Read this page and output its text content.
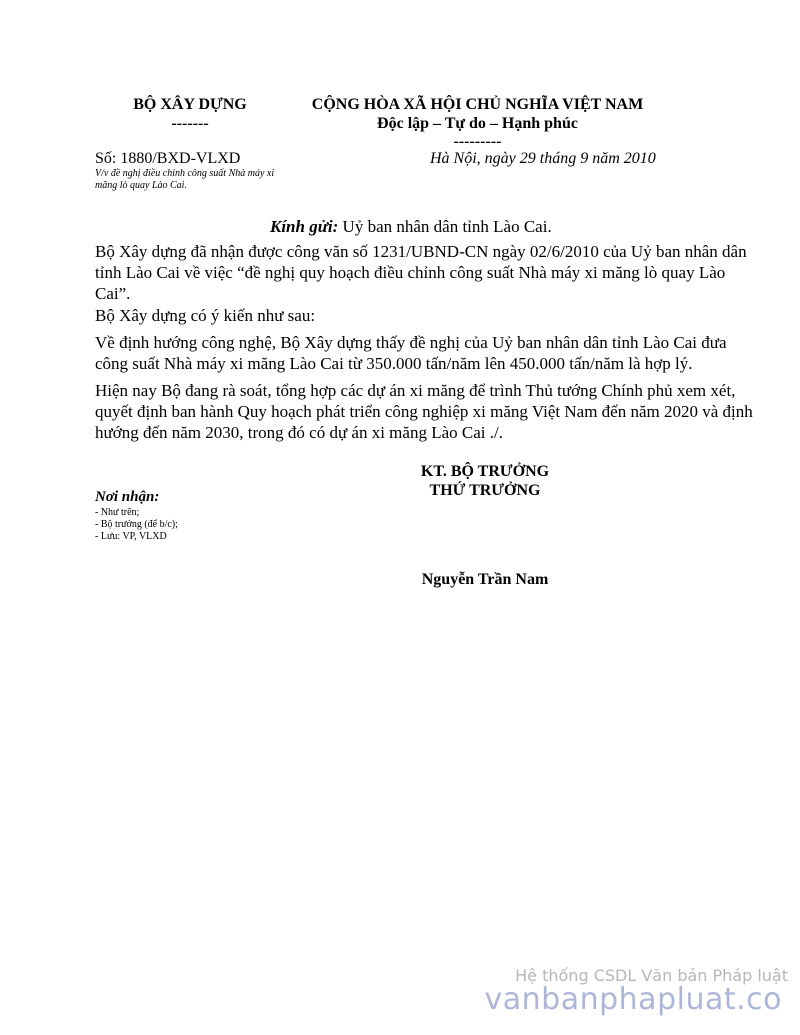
BỘ XÂY DỰNG
-------
CỘNG HÒA XÃ HỘI CHỦ NGHĨA VIỆT NAM
Độc lập – Tự do – Hạnh phúc
---------
Số: 1880/BXD-VLXD
V/v đề nghị điều chỉnh công suất Nhà máy xi
măng lò quay Lào Cai.
Hà Nội, ngày 29 tháng 9 năm 2010
Kính gửi: Uỷ ban nhân dân tỉnh Lào Cai.
Bộ Xây dựng đã nhận được công văn số 1231/UBND-CN ngày 02/6/2010 của Uỷ ban nhân dân
tỉnh Lào Cai về việc “đề nghị quy hoạch điều chỉnh công suất Nhà máy xi măng lò quay Lào
Cai”.
Bộ Xây dựng có ý kiến như sau:
Về định hướng công nghệ, Bộ Xây dựng thấy đề nghị của Uỷ ban nhân dân tỉnh Lào Cai đưa
công suất Nhà máy xi măng Lào Cai từ 350.000 tấn/năm lên 450.000 tấn/năm là hợp lý.
Hiện nay Bộ đang rà soát, tổng hợp các dự án xi măng để trình Thủ tướng Chính phủ xem xét,
quyết định ban hành Quy hoạch phát triển công nghiệp xi măng Việt Nam đến năm 2020 và định
hướng đến năm 2030, trong đó có dự án xi măng Lào Cai ./.
KT. BỘ TRƯỞNG
THỨ TRƯỞNG
Nguyễn Trần Nam
Nơi nhận:
- Như trên;
- Bộ trưởng (để b/c);
- Lưu: VP, VLXD
Hệ thống CSDL Văn bản Pháp luật
vanbanphapluat.co
